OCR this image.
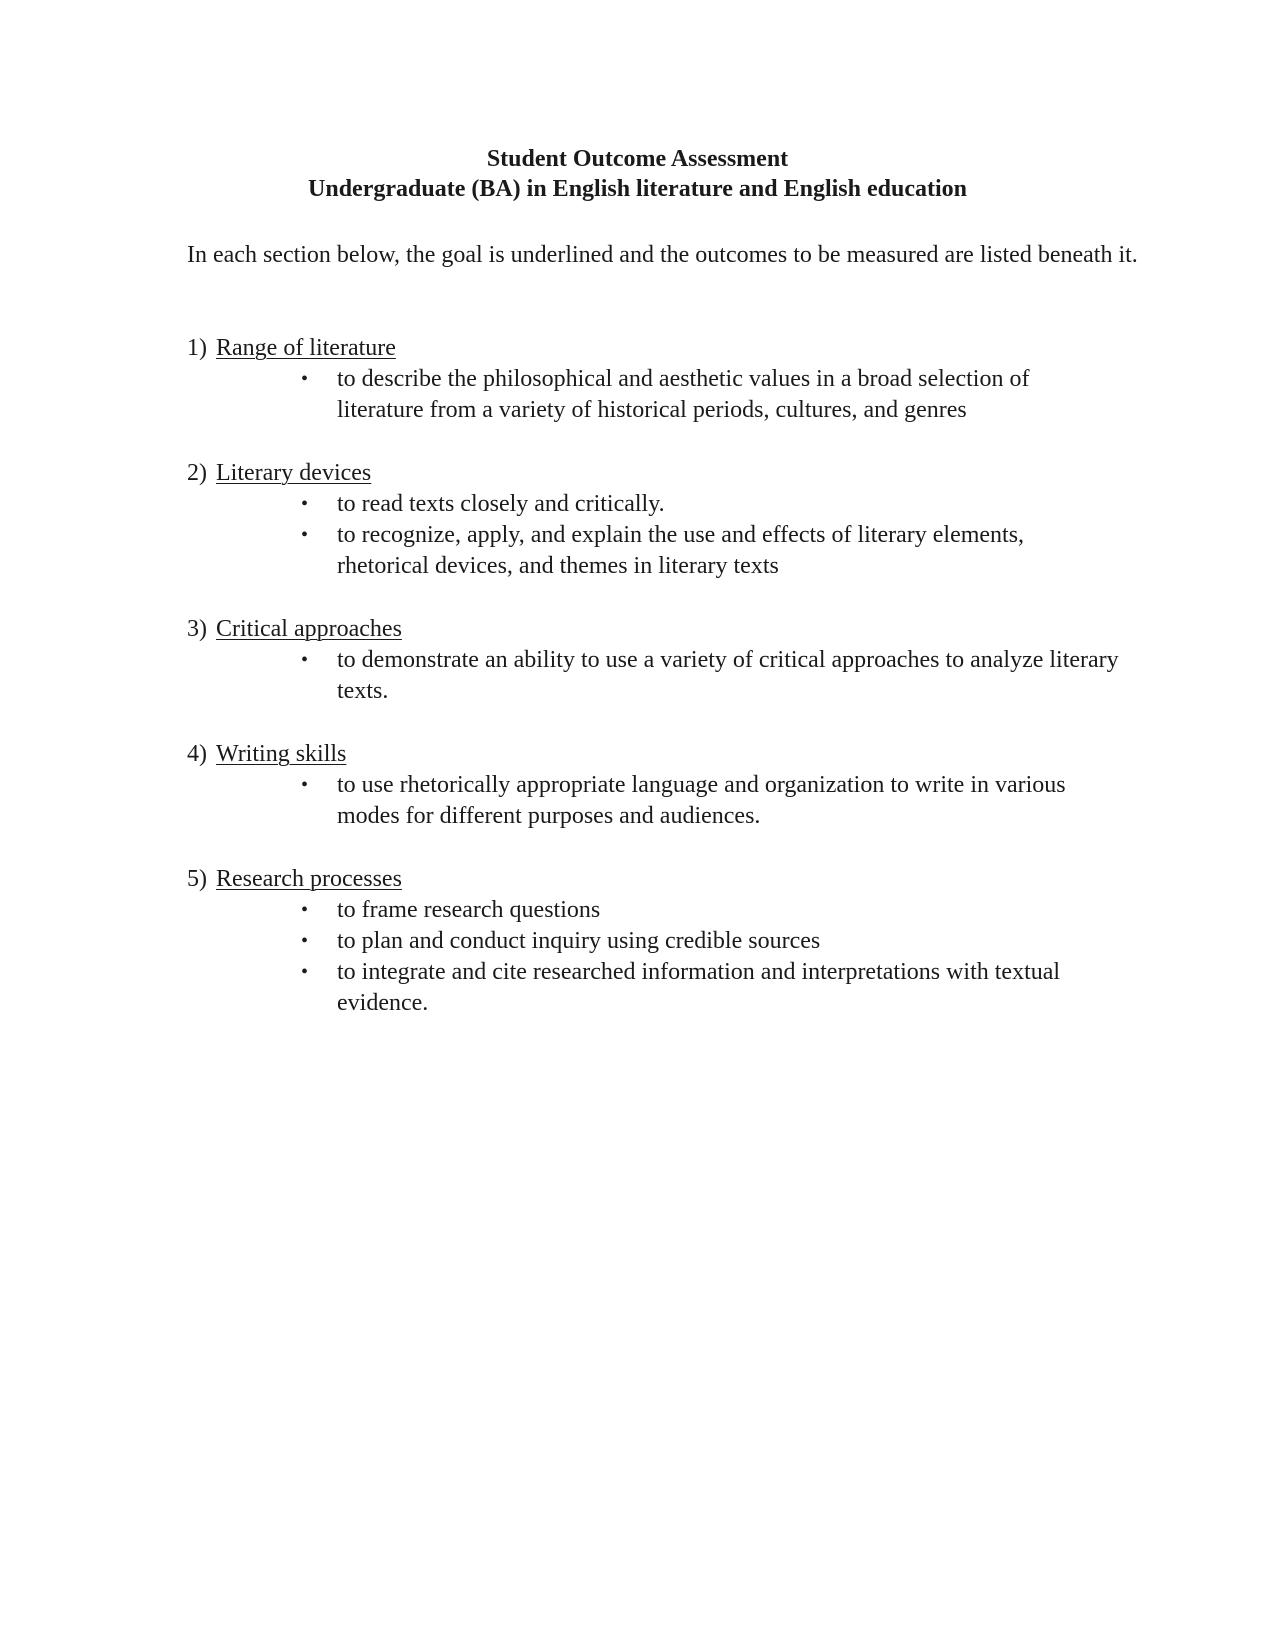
Student Outcome Assessment
Undergraduate (BA) in English literature and English education
In each section below, the goal is underlined and the outcomes to be measured are listed beneath it.
1) Range of literature
• to describe the philosophical and aesthetic values in a broad selection of literature from a variety of historical periods, cultures, and genres
2) Literary devices
• to read texts closely and critically.
• to recognize, apply, and explain the use and effects of literary elements, rhetorical devices, and themes in literary texts
3) Critical approaches
• to demonstrate an ability to use a variety of critical approaches to analyze literary texts.
4) Writing skills
• to use rhetorically appropriate language and organization to write in various modes for different purposes and audiences.
5) Research processes
• to frame research questions
• to plan and conduct inquiry using credible sources
• to integrate and cite researched information and interpretations with textual evidence.
